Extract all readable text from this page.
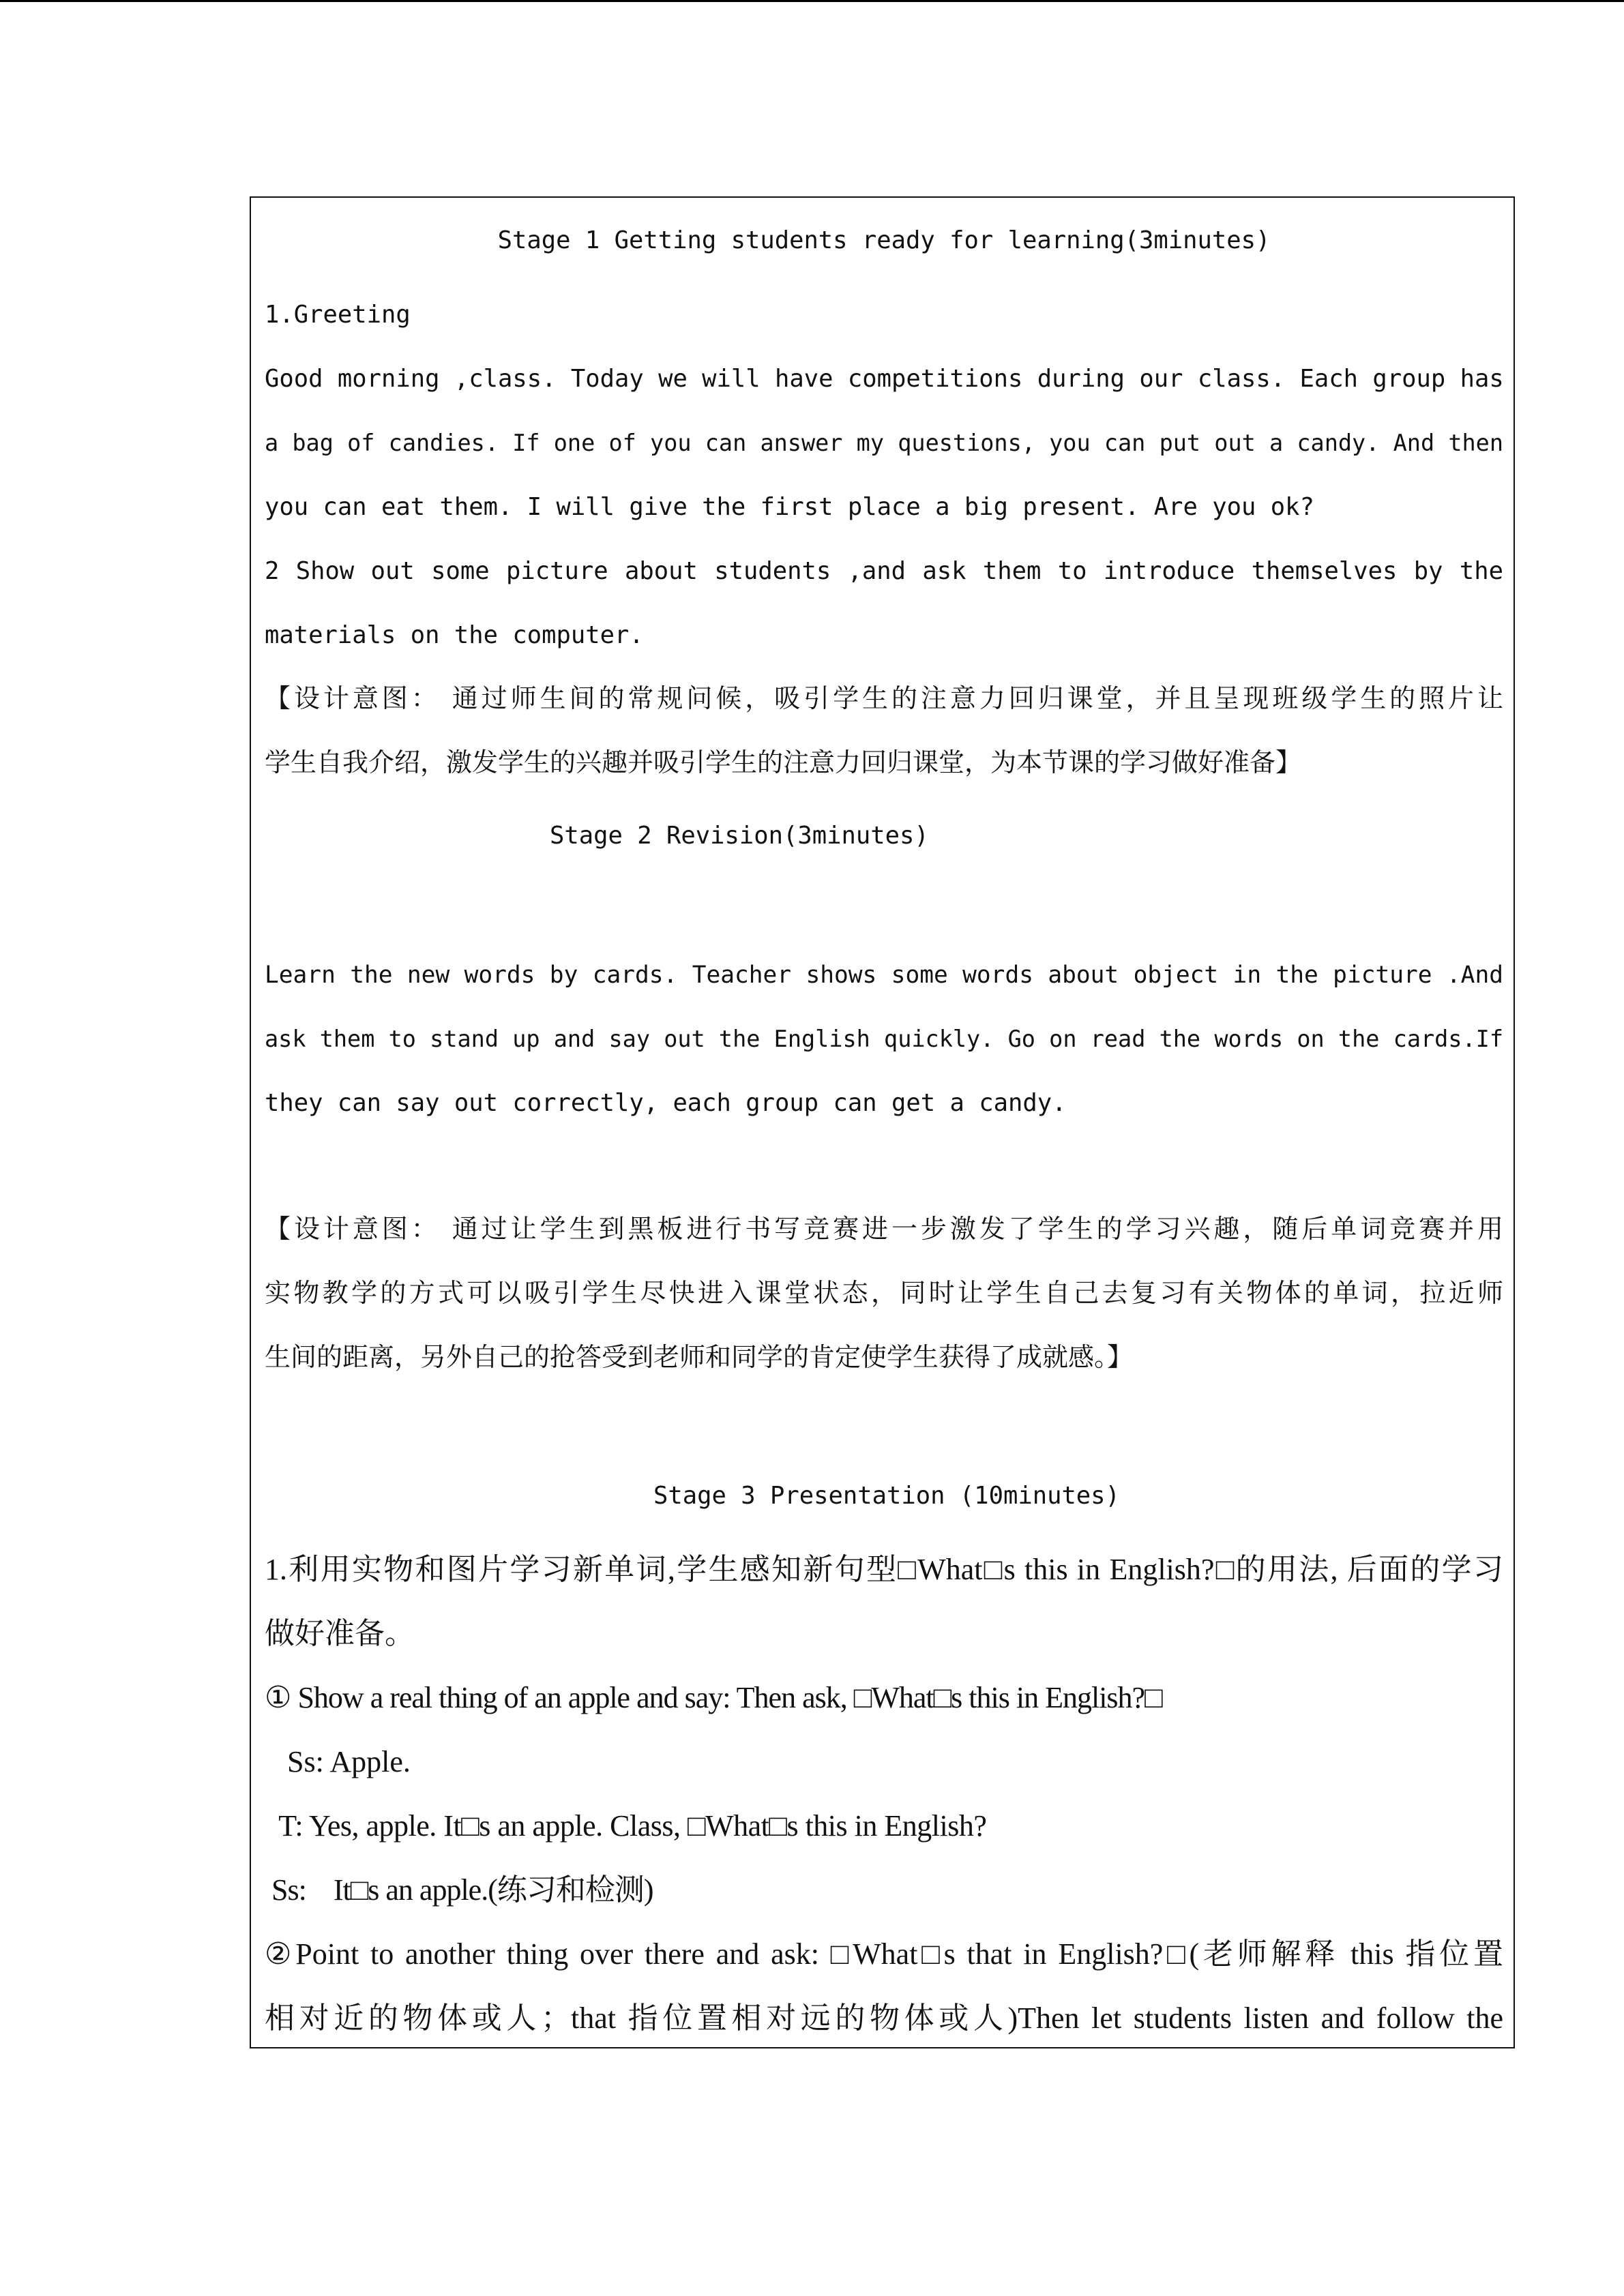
Stage 1 Getting students ready for learning(3minutes)
1.Greeting
Good morning ,class. Today we will have competitions during our class. Each group has
a bag of candies. If one of you can answer my questions, you can put out a candy. And then
you can eat them. I will give the first place a big present. Are you ok?
2 Show out some picture about students ,and ask them to introduce themselves by the
materials on the computer.
【设计意图： 通过师生间的常规问候，吸引学生的注意力回归课堂，并且呈现班级学生的照片让
学生自我介绍，激发学生的兴趣并吸引学生的注意力回归课堂，为本节课的学习做好准备】
Stage 2 Revision(3minutes)
Learn the new words by cards. Teacher shows some words about object in the picture .And
ask them to stand up and say out the English quickly. Go on read the words on the cards.If
they can say out correctly, each group can get a candy.
【设计意图： 通过让学生到黑板进行书写竞赛进一步激发了学生的学习兴趣，随后单词竞赛并用
实物教学的方式可以吸引学生尽快进入课堂状态，同时让学生自己去复习有关物体的单词，拉近师
生间的距离，另外自己的抢答受到老师和同学的肯定使学生获得了成就感。】
Stage 3 Presentation (10minutes)
1.利用实物和图片学习新单词,学生感知新句型□What□s this in English?□的用法, 后面的学习
做好准备。
① Show a real thing of an apple and say: Then ask, □What□s this in English?□
Ss: Apple.
T: Yes, apple. It□s an apple. Class, □What□s this in English?
Ss:    It□s an apple.(练习和检测)
②Point to another thing over there and ask: □What□s that in English?□(老师解释 this 指位置
相对近的物体或人；that 指位置相对远的物体或人)Then let students listen and follow the
